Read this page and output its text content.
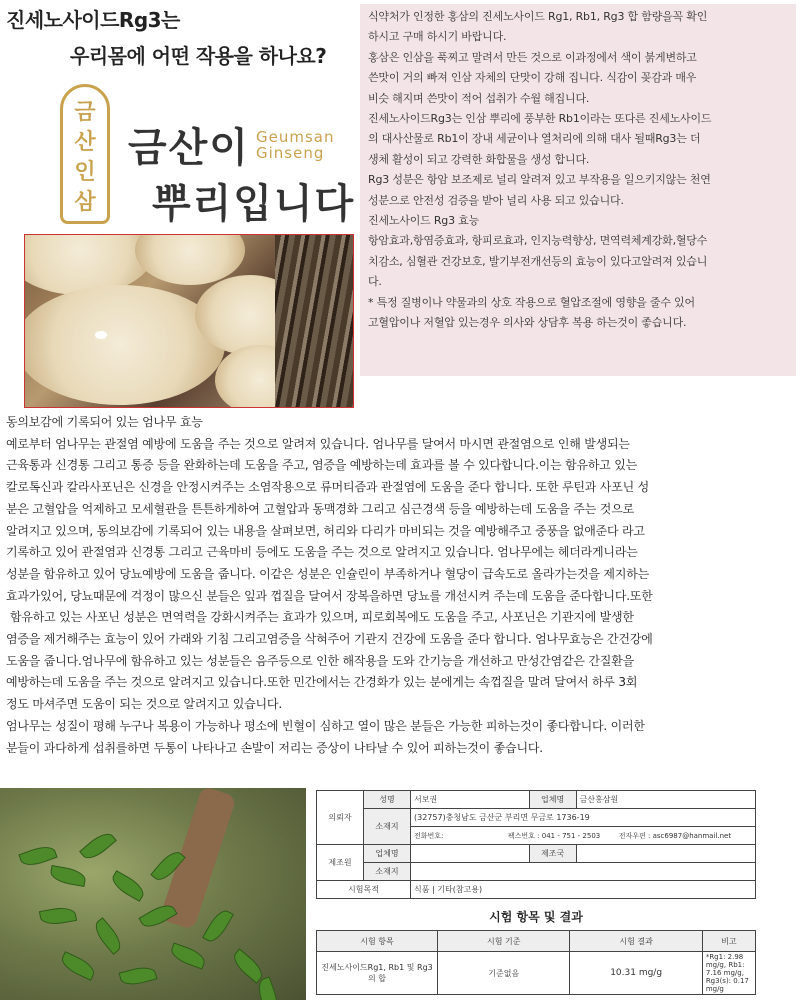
진세노사이드Rg3는
우리몸에 어떤 작용을 하나요?
금
산
인
삼
금산이
뿌리입니다
Geumsan
Ginseng

식약처가 인정한 홍삼의 진세노사이드 Rg1, Rb1, Rg3 합 함량을꼭 확인

하시고 구매 하시기 바랍니다.

홍삼은 인삼을 푹찌고 말려서 만든 것으로 이과정에서 색이 붉게변하고

쓴맛이 거의 빠져 인삼 자체의 단맛이 강해 집니다. 식감이 꽂감과 매우

비슷 해지며 쓴맛이 적어 섭취가 수월 해집니다.

진세노사이드Rg3는 인삼 뿌리에 풍부한 Rb1이라는 또다른 진세노사이드

의 대사산물로 Rb1이 장내 세균이나 열처리에 의해 대사 될때Rg3는 더

생체 활성이 되고 강력한 화합물을 생성 합니다.

Rg3 성분은 항암 보조제로 널리 알려져 있고 부작용을 일으키지않는 천연

성분으로 안전성 검증을 받아 널리 사용 되고 있습니다.

진세노사이드 Rg3 효능

항암효과,항염증효과, 항피로효과, 인지능력향상, 면역력체계강화,혈당수

치감소, 심혈관 건강보호, 발기부전개선등의 효능이 있다고알려져 있습니

다.

* 특정 질병이나 약물과의 상호 작용으로 혈압조절에 영향을 줄수 있어

고혈압이나 저혈압 있는경우 의사와 상담후 복용 하는것이 좋습니다.

동의보감에 기록되어 있는 엄나무 효능

예로부터 엄나무는 관절염 예방에 도움을 주는 것으로 알려져 있습니다. 엄나무를 달여서 마시면 관절염으로 인해 발생되는

근육통과 신경통 그리고 통증 등을 완화하는데 도움을 주고, 염증을 예방하는데 효과를 볼 수 있다합니다.이는 함유하고 있는

칼로톡신과 칼라사포닌은 신경을 안정시켜주는 소염작용으로 류머티즘과 관절염에 도움을 준다 합니다. 또한 루틴과 사포닌 성

분은 고혈압을 억제하고 모세혈관을 튼튼하게하여 고혈압과 동맥경화 그리고 심근경색 등을 예방하는데 도움을 주는 것으로

알려지고 있으며, 동의보감에 기록되어 있는 내용을 살펴보면, 허리와 다리가 마비되는 것을 예방해주고 중풍을 없애준다 라고

기록하고 있어 관절염과 신경통 그리고 근육마비 등에도 도움을 주는 것으로 알려지고 있습니다. 엄나무에는 헤더라게니라는

성분을 함유하고 있어 당뇨예방에 도움을 줍니다. 이같은 성분은 인슐린이 부족하거나 혈당이 급속도로 올라가는것을 제지하는

효과가있어, 당뇨때문에 걱정이 많으신 분들은 잎과 껍질을 달여서 장복을하면 당뇨를 개선시켜 주는데 도움을 준다합니다.또한

함유하고 있는 사포닌 성분은 면역력을 강화시켜주는 효과가 있으며, 피로회복에도 도움을 주고, 사포닌은 기관지에 발생한

염증을 제거해주는 효능이 있어 가래와 기침 그리고염증을 삭혀주어 기관지 건강에 도움을 준다 합니다. 엄나무효능은 간건강에

도움을 줍니다.엄나무에 함유하고 있는 성분들은 음주등으로 인한 해작용을 도와 간기능을 개선하고 만성간염같은 간질환을

예방하는데 도움을 주는 것으로 알려지고 있습니다.또한 민간에서는 간경화가 있는 분에게는 속껍질을 말려 달여서 하루 3회

정도 마셔주면 도움이 되는 것으로 알려지고 있습니다.

엄나무는 성질이 평해 누구나 복용이 가능하나 평소에 빈혈이 심하고 열이 많은 분들은 가능한 피하는것이 좋다합니다. 이러한

분들이 과다하게 섭취를하면 두통이 나타나고 손발이 저리는 증상이 나타날 수 있어 피하는것이 좋습니다.

의뢰자	성명	서보권	업체명	금산홍삼원
	소재지	(32757)충청남도 금산군 부리면 무금로 1736-19		
		전화번호: 팩스번호 : 041 - 751 - 2503 전자우편 : asc6987@hanmail.net		
제조원	업체명		제조국	
	소재지			
시험목적		식품 | 기타(참고용)		
시험 항목 및 결과
시험 항목	시험 기준	시험 결과	비고
진세노사이드Rg1, Rb1 및 Rg3의 합	기준없음	10.31 mg/g	*Rg1: 2.98 mg/g, Rb1: 7.16 mg/g, Rg3(s): 0.17 mg/g
